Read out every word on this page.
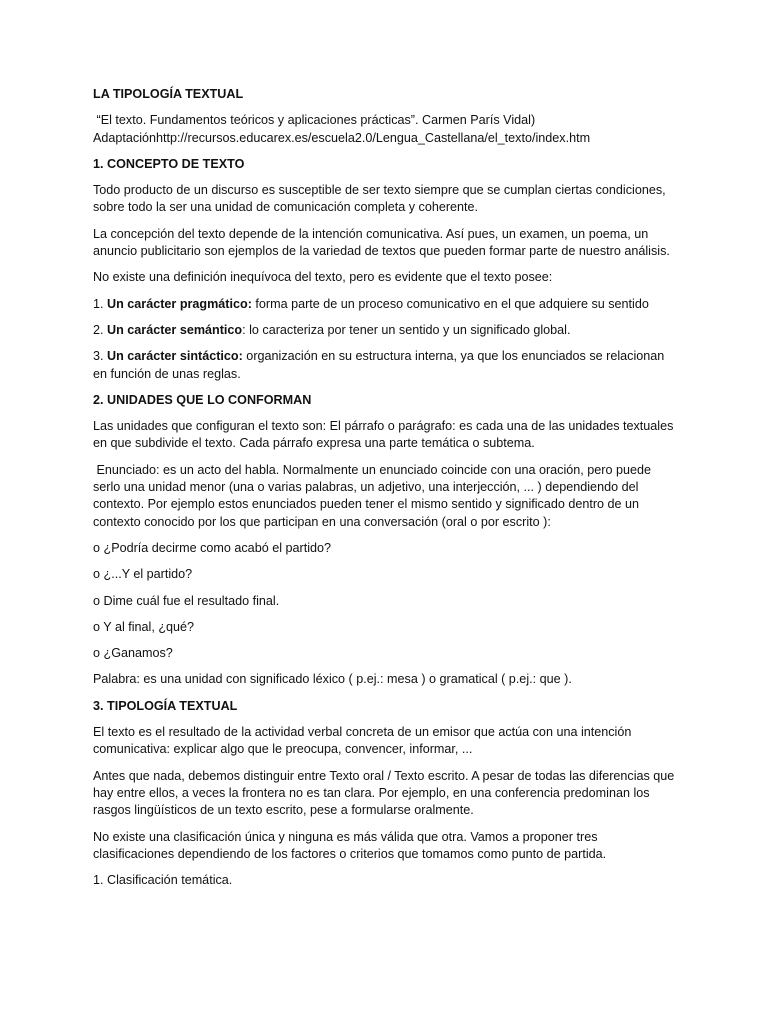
LA TIPOLOGÍA TEXTUAL
“El texto. Fundamentos teóricos y aplicaciones prácticas”. Carmen París Vidal)
Adaptaciónhttp://recursos.educarex.es/escuela2.0/Lengua_Castellana/el_texto/index.htm
1. CONCEPTO DE TEXTO

Todo producto de un discurso es susceptible de ser texto siempre que se cumplan ciertas condiciones, sobre todo la ser una unidad de comunicación completa y coherente.

La concepción del texto depende de la intención comunicativa. Así pues, un examen, un poema, un anuncio publicitario son ejemplos de la variedad de textos que pueden formar parte de nuestro análisis.

No existe una definición inequívoca del texto, pero es evidente que el texto posee:

1. Un carácter pragmático: forma parte de un proceso comunicativo en el que adquiere su sentido

2. Un carácter semántico: lo caracteriza por tener un sentido y un significado global.

3. Un carácter sintáctico: organización en su estructura interna, ya que los enunciados se relacionan en función de unas reglas.

2. UNIDADES QUE LO CONFORMAN

Las unidades que configuran el texto son: El párrafo o parágrafo: es cada una de las unidades textuales en que subdivide el texto. Cada párrafo expresa una parte temática o subtema.

Enunciado: es un acto del habla. Normalmente un enunciado coincide con una oración, pero puede serlo una unidad menor (una o varias palabras, un adjetivo, una interjección, ... ) dependiendo del contexto. Por ejemplo estos enunciados pueden tener el mismo sentido y significado dentro de un contexto conocido por los que participan en una conversación (oral o por escrito ):

o ¿Podría decirme como acabó el partido?

o ¿...Y el partido?

o Dime cuál fue el resultado final.

o Y al final, ¿qué?

o ¿Ganamos?

Palabra: es una unidad con significado léxico ( p.ej.: mesa ) o gramatical ( p.ej.: que ).

3. TIPOLOGÍA TEXTUAL

El texto es el resultado de la actividad verbal concreta de un emisor que actúa con una intención comunicativa: explicar algo que le preocupa, convencer, informar, ...

Antes que nada, debemos distinguir entre Texto oral / Texto escrito. A pesar de todas las diferencias que hay entre ellos, a veces la frontera no es tan clara. Por ejemplo, en una conferencia predominan los rasgos lingüísticos de un texto escrito, pese a formularse oralmente.

No existe una clasificación única y ninguna es más válida que otra. Vamos a proponer tres clasificaciones dependiendo de los factores o criterios que tomamos como punto de partida.

1. Clasificación temática.
